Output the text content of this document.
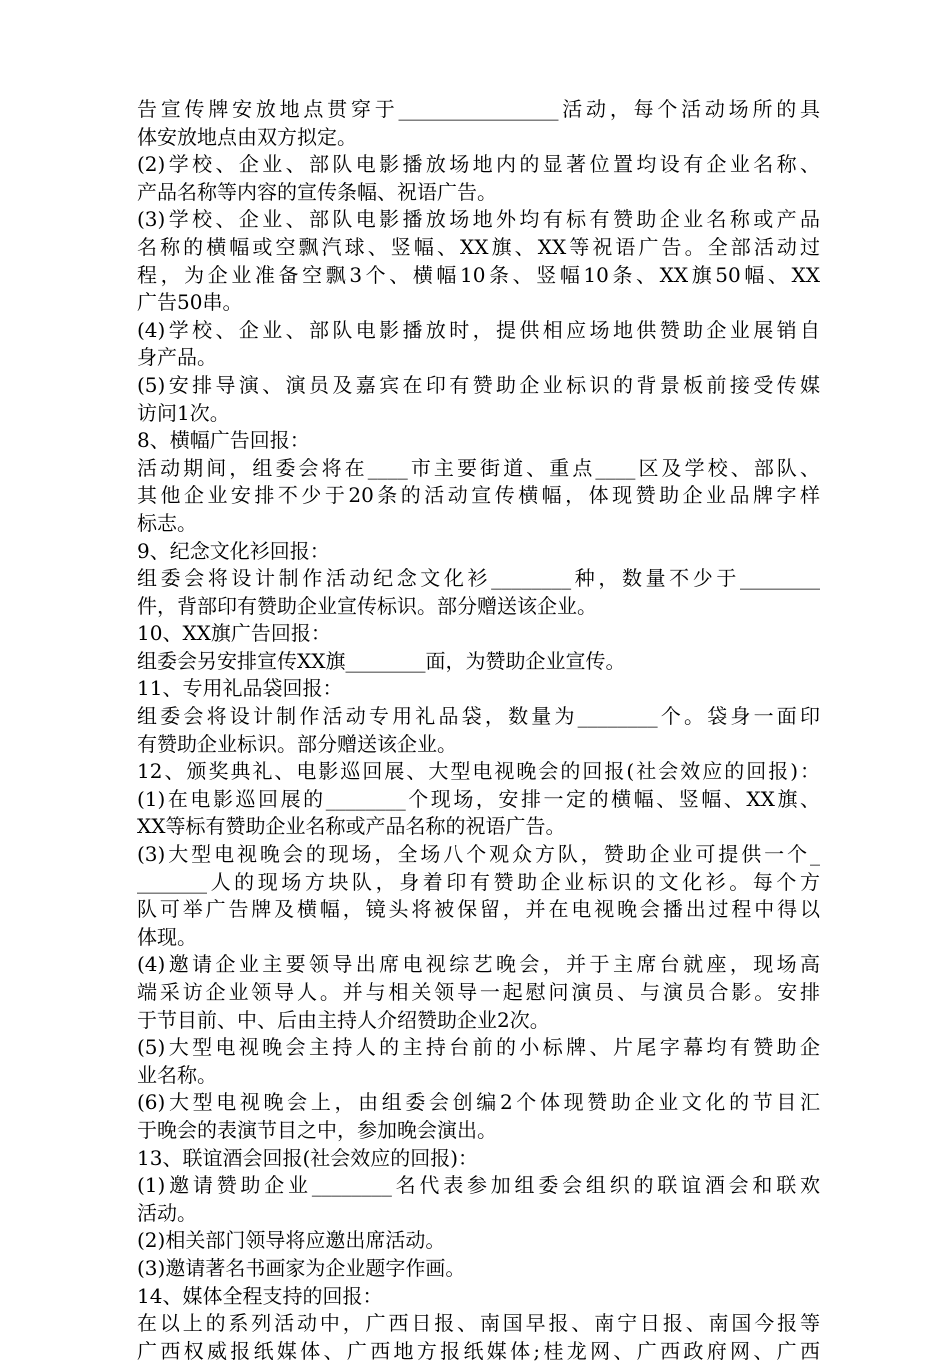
告宣传牌安放地点贯穿于________________活动，每个活动场所的具
体安放地点由双方拟定。
(2)学校、企业、部队电影播放场地内的显著位置均设有企业名称、
产品名称等内容的宣传条幅、祝语广告。
(3)学校、企业、部队电影播放场地外均有标有赞助企业名称或产品
名称的横幅或空飘汽球、竖幅、XX旗、XX等祝语广告。全部活动过
程，为企业准备空飘3个、横幅10条、竖幅10条、XX旗50幅、XX
广告50串。
(4)学校、企业、部队电影播放时，提供相应场地供赞助企业展销自
身产品。
(5)安排导演、演员及嘉宾在印有赞助企业标识的背景板前接受传媒
访问1次。
8、横幅广告回报：
活动期间，组委会将在____市主要街道、重点____区及学校、部队、
其他企业安排不少于20条的活动宣传横幅，体现赞助企业品牌字样
标志。
9、纪念文化衫回报：
组委会将设计制作活动纪念文化衫________种，数量不少于________
件，背部印有赞助企业宣传标识。部分赠送该企业。
10、XX旗广告回报：
组委会另安排宣传XX旗________面，为赞助企业宣传。
11、专用礼品袋回报：
组委会将设计制作活动专用礼品袋，数量为________个。袋身一面印
有赞助企业标识。部分赠送该企业。
12、颁奖典礼、电影巡回展、大型电视晚会的回报(社会效应的回报)：
(1)在电影巡回展的________个现场，安排一定的横幅、竖幅、XX旗、
XX等标有赞助企业名称或产品名称的祝语广告。
(3)大型电视晚会的现场，全场八个观众方队，赞助企业可提供一个_
_______人的现场方块队，身着印有赞助企业标识的文化衫。每个方
队可举广告牌及横幅，镜头将被保留，并在电视晚会播出过程中得以
体现。
(4)邀请企业主要领导出席电视综艺晚会，并于主席台就座，现场高
端采访企业领导人。并与相关领导一起慰问演员、与演员合影。安排
于节目前、中、后由主持人介绍赞助企业2次。
(5)大型电视晚会主持人的主持台前的小标牌、片尾字幕均有赞助企
业名称。
(6)大型电视晚会上，由组委会创编2个体现赞助企业文化的节目汇
于晚会的表演节目之中，参加晚会演出。
13、联谊酒会回报(社会效应的回报)：
(1)邀请赞助企业________名代表参加组委会组织的联谊酒会和联欢
活动。
(2)相关部门领导将应邀出席活动。
(3)邀请著名书画家为企业题字作画。
14、媒体全程支持的回报：
在以上的系列活动中，广西日报、南国早报、南宁日报、南国今报等
广西权威报纸媒体、广西地方报纸媒体;桂龙网、广西政府网、广西
